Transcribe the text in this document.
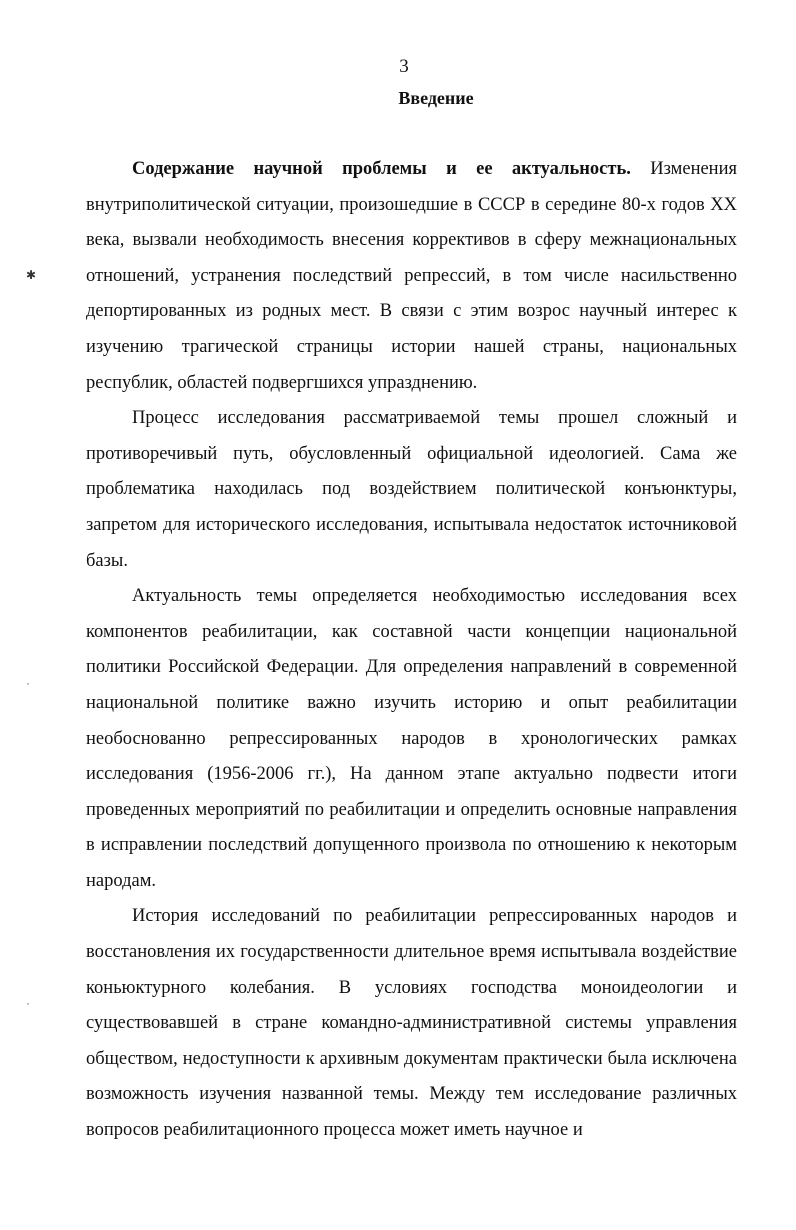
3
Введение
✱
˙
˙

Содержание научной проблемы и ее актуальность. Изменения внутриполитической ситуации, произошедшие в СССР в середине 80-х годов ХХ века, вызвали необходимость внесения коррективов в сферу межнациональных отношений, устранения последствий репрессий, в том числе насильственно депортированных из родных мест. В связи с этим возрос научный интерес к изучению трагической страницы истории нашей страны, национальных республик, областей подвергшихся упразднению.

Процесс исследования рассматриваемой темы прошел сложный и противоречивый путь, обусловленный официальной идеологией. Сама же проблематика находилась под воздействием политической конъюнктуры, запретом для исторического исследования, испытывала недостаток источниковой базы.

Актуальность темы определяется необходимостью исследования всех компонентов реабилитации, как составной части концепции национальной политики Российской Федерации. Для определения направлений в современной национальной политике важно изучить историю и опыт реабилитации необоснованно репрессированных народов в хронологических рамках исследования (1956-2006 гг.), На данном этапе актуально подвести итоги проведенных мероприятий по реабилитации и определить основные направления в исправлении последствий допущенного произвола по отношению к некоторым народам.

История исследований по реабилитации репрессированных народов и восстановления их государственности длительное время испытывала воздействие коньюктурного колебания. В условиях господства моноидеологии и существовавшей в стране командно-административной системы управления обществом, недоступности к архивным документам практически была исключена возможность изучения названной темы. Между тем исследование различных вопросов реабилитационного процесса может иметь научное и
